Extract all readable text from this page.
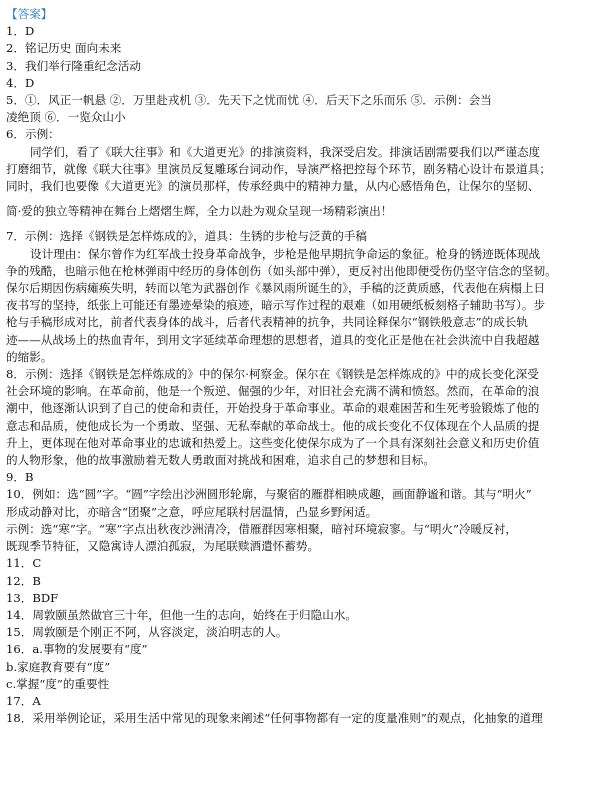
【答案】
1．D
2．铭记历史 面向未来
3．我们举行隆重纪念活动
4．D
5．①．风正一帆悬 ②．万里赴戎机 ③．先天下之忧而忧 ④．后天下之乐而乐 ⑤．示例：会当
凌绝顶 ⑥．一览众山小
6．示例：
同学们，看了《联大往事》和《大道更光》的排演资料，我深受启发。排演话剧需要我们以严谨态度
打磨细节，就像《联大往事》里演员反复雕琢台词动作，导演严格把控每个环节，剧务精心设计布景道具；
同时，我们也要像《大道更光》的演员那样，传承经典中的精神力量，从内心感悟角色，让保尔的坚韧、
简·爱的独立等精神在舞台上熠熠生辉，全力以赴为观众呈现一场精彩演出！
7．示例：选择《钢铁是怎样炼成的》，道具：生锈的步枪与泛黄的手稿
设计理由：保尔曾作为红军战士投身革命战争，步枪是他早期抗争命运的象征。枪身的锈迹既体现战
争的残酷，也暗示他在枪林弹雨中经历的身体创伤（如头部中弹），更反衬出他即便受伤仍坚守信念的坚韧。
保尔后期因伤病瘫痪失明，转而以笔为武器创作《暴风雨所诞生的》，手稿的泛黄质感，代表他在病榻上日
夜书写的坚持，纸张上可能还有墨迹晕染的痕迹，暗示写作过程的艰难（如用硬纸板刻格子辅助书写）。步
枪与手稿形成对比，前者代表身体的战斗，后者代表精神的抗争，共同诠释保尔“钢铁般意志”的成长轨
迹——从战场上的热血青年，到用文字延续革命理想的思想者，道具的变化正是他在社会洪流中自我超越
的缩影。
8．示例：选择《钢铁是怎样炼成的》中的保尔·柯察金。保尔在《钢铁是怎样炼成的》中的成长变化深受
社会环境的影响。在革命前，他是一个叛逆、倔强的少年，对旧社会充满不满和愤怒。然而，在革命的浪
潮中，他逐渐认识到了自己的使命和责任，开始投身于革命事业。革命的艰难困苦和生死考验锻炼了他的
意志和品质，使他成长为一个勇敢、坚强、无私奉献的革命战士。他的成长变化不仅体现在个人品质的提
升上，更体现在他对革命事业的忠诚和热爱上。这些变化使保尔成为了一个具有深刻社会意义和历史价值
的人物形象，他的故事激励着无数人勇敢面对挑战和困难，追求自己的梦想和目标。
9．B
10．例如：选“圆”字。“圆”字绘出沙洲圆形轮廓，与聚宿的雁群相映成趣，画面静谧和谐。其与“明火”
形成动静对比，亦暗含“团聚”之意，呼应尾联村居温情，凸显乡野闲适。
示例：选“寒”字。“寒”字点出秋夜沙洲清冷，借雁群因寒相聚，暗衬环境寂寥。与“明火”冷暖反衬，
既现季节特征，又隐寓诗人漂泊孤寂，为尾联赎酒遣怀蓄势。
11．C
12．B
13．BDF
14．周敦颐虽然做官三十年，但他一生的志向，始终在于归隐山水。
15．周敦颐是个刚正不阿，从容淡定，淡泊明志的人。
16．a.事物的发展要有“度”
b.家庭教育要有“度”
c.掌握“度”的重要性
17．A
18．采用举例论证，采用生活中常见的现象来阐述“任何事物都有一定的度量准则”的观点，化抽象的道理
